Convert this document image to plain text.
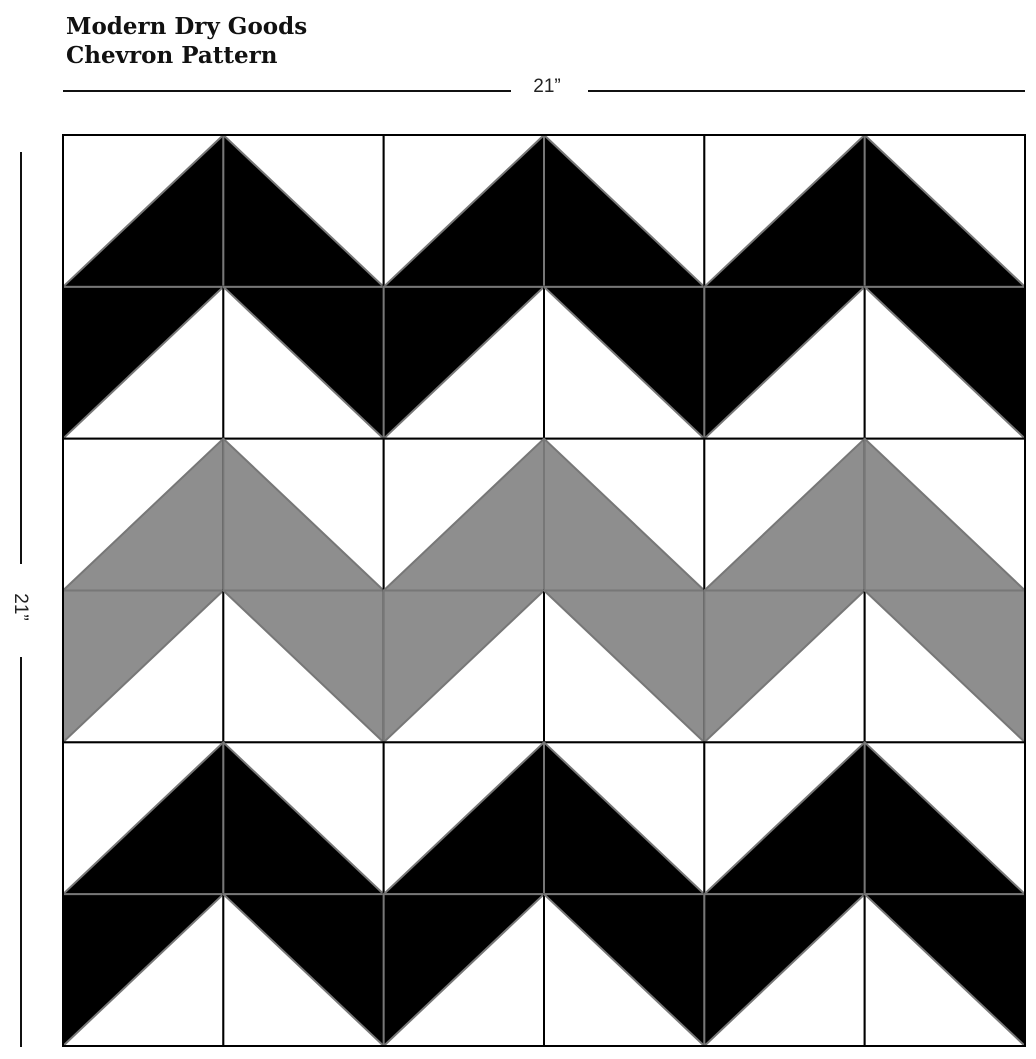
Modern Dry Goods
Chevron Pattern
21”
21”
